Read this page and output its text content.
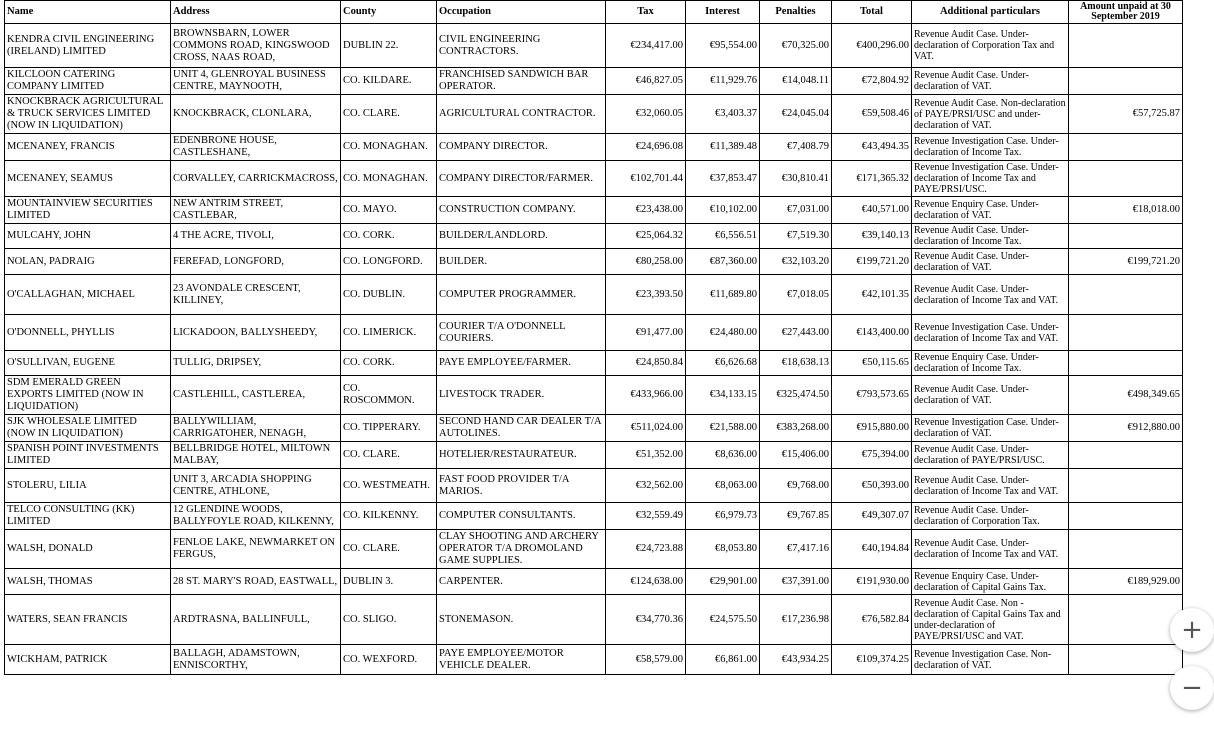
Name	Address	County	Occupation	Tax	Interest	Penalties	Total	Additional particulars	Amount unpaid at 30 September 2019
KENDRA CIVIL ENGINEERING (IRELAND) LIMITED	BROWNSBARN, LOWER COMMONS ROAD, KINGSWOOD CROSS, NAAS ROAD,	DUBLIN 22.	CIVIL ENGINEERING CONTRACTORS.	€234,417.00	€95,554.00	€70,325.00	€400,296.00	Revenue Audit Case. Under-declaration of Corporation Tax and VAT.	
KILCLOON CATERING COMPANY LIMITED	UNIT 4, GLENROYAL BUSINESS CENTRE, MAYNOOTH,	CO. KILDARE.	FRANCHISED SANDWICH BAR OPERATOR.	€46,827.05	€11,929.76	€14,048.11	€72,804.92	Revenue Audit Case. Under-declaration of VAT.	
KNOCKBRACK AGRICULTURAL & TRUCK SERVICES LIMITED (NOW IN LIQUIDATION)	KNOCKBRACK, CLONLARA,	CO. CLARE.	AGRICULTURAL CONTRACTOR.	€32,060.05	€3,403.37	€24,045.04	€59,508.46	Revenue Audit Case. Non-declaration of PAYE/PRSI/USC and under-declaration of VAT.	€57,725.87
MCENANEY, FRANCIS	EDENBRONE HOUSE, CASTLESHANE,	CO. MONAGHAN.	COMPANY DIRECTOR.	€24,696.08	€11,389.48	€7,408.79	€43,494.35	Revenue Investigation Case. Under-declaration of Income Tax.	
MCENANEY, SEAMUS	CORVALLEY, CARRICKMACROSS,	CO. MONAGHAN.	COMPANY DIRECTOR/FARMER.	€102,701.44	€37,853.47	€30,810.41	€171,365.32	Revenue Investigation Case. Under-declaration of Income Tax and PAYE/PRSI/USC.	
MOUNTAINVIEW SECURITIES LIMITED	NEW ANTRIM STREET, CASTLEBAR,	CO. MAYO.	CONSTRUCTION COMPANY.	€23,438.00	€10,102.00	€7,031.00	€40,571.00	Revenue Enquiry Case. Under-declaration of VAT.	€18,018.00
MULCAHY, JOHN	4 THE ACRE, TIVOLI,	CO. CORK.	BUILDER/LANDLORD.	€25,064.32	€6,556.51	€7,519.30	€39,140.13	Revenue Audit Case. Under-declaration of Income Tax.	
NOLAN, PADRAIG	FEREFAD, LONGFORD,	CO. LONGFORD.	BUILDER.	€80,258.00	€87,360.00	€32,103.20	€199,721.20	Revenue Audit Case. Under-declaration of VAT.	€199,721.20
O'CALLAGHAN, MICHAEL	23 AVONDALE CRESCENT, KILLINEY,	CO. DUBLIN.	COMPUTER PROGRAMMER.	€23,393.50	€11,689.80	€7,018.05	€42,101.35	Revenue Audit Case. Under-declaration of Income Tax and VAT.	
O'DONNELL, PHYLLIS	LICKADOON, BALLYSHEEDY,	CO. LIMERICK.	COURIER T/A O'DONNELL COURIERS.	€91,477.00	€24,480.00	€27,443.00	€143,400.00	Revenue Investigation Case. Under-declaration of Income Tax and VAT.	
O'SULLIVAN, EUGENE	TULLIG, DRIPSEY,	CO. CORK.	PAYE EMPLOYEE/FARMER.	€24,850.84	€6,626.68	€18,638.13	€50,115.65	Revenue Enquiry Case. Under-declaration of Income Tax.	
SDM EMERALD GREEN EXPORTS LIMITED (NOW IN LIQUIDATION)	CASTLEHILL, CASTLEREA,	CO. ROSCOMMON.	LIVESTOCK TRADER.	€433,966.00	€34,133.15	€325,474.50	€793,573.65	Revenue Audit Case. Under-declaration of VAT.	€498,349.65
SJK WHOLESALE LIMITED (NOW IN LIQUIDATION)	BALLYWILLIAM, CARRIGATOHER, NENAGH,	CO. TIPPERARY.	SECOND HAND CAR DEALER T/A AUTOLINES.	€511,024.00	€21,588.00	€383,268.00	€915,880.00	Revenue Investigation Case. Under-declaration of VAT.	€912,880.00
SPANISH POINT INVESTMENTS LIMITED	BELLBRIDGE HOTEL, MILTOWN MALBAY,	CO. CLARE.	HOTELIER/RESTAURATEUR.	€51,352.00	€8,636.00	€15,406.00	€75,394.00	Revenue Audit Case. Under-declaration of PAYE/PRSI/USC.	
STOLERU, LILIA	UNIT 3, ARCADIA SHOPPING CENTRE, ATHLONE,	CO. WESTMEATH.	FAST FOOD PROVIDER T/A MARIOS.	€32,562.00	€8,063.00	€9,768.00	€50,393.00	Revenue Audit Case. Under-declaration of Income Tax and VAT.	
TELCO CONSULTING (KK) LIMITED	12 GLENDINE WOODS, BALLYFOYLE ROAD, KILKENNY,	CO. KILKENNY.	COMPUTER CONSULTANTS.	€32,559.49	€6,979.73	€9,767.85	€49,307.07	Revenue Audit Case. Under-declaration of Corporation Tax.	
WALSH, DONALD	FENLOE LAKE, NEWMARKET ON FERGUS,	CO. CLARE.	CLAY SHOOTING AND ARCHERY OPERATOR T/A DROMOLAND GAME SUPPLIES.	€24,723.88	€8,053.80	€7,417.16	€40,194.84	Revenue Audit Case. Under-declaration of Income Tax and VAT.	
WALSH, THOMAS	28 ST. MARY'S ROAD, EASTWALL,	DUBLIN 3.	CARPENTER.	€124,638.00	€29,901.00	€37,391.00	€191,930.00	Revenue Enquiry Case. Under-declaration of Capital Gains Tax.	€189,929.00
WATERS, SEAN FRANCIS	ARDTRASNA, BALLINFULL,	CO. SLIGO.	STONEMASON.	€34,770.36	€24,575.50	€17,236.98	€76,582.84	Revenue Audit Case. Non - declaration of Capital Gains Tax and under-declaration of PAYE/PRSI/USC and VAT.	
WICKHAM, PATRICK	BALLAGH, ADAMSTOWN, ENNISCORTHY,	CO. WEXFORD.	PAYE EMPLOYEE/MOTOR VEHICLE DEALER.	€58,579.00	€6,861.00	€43,934.25	€109,374.25	Revenue Investigation Case. Non-declaration of VAT.	
+
−
